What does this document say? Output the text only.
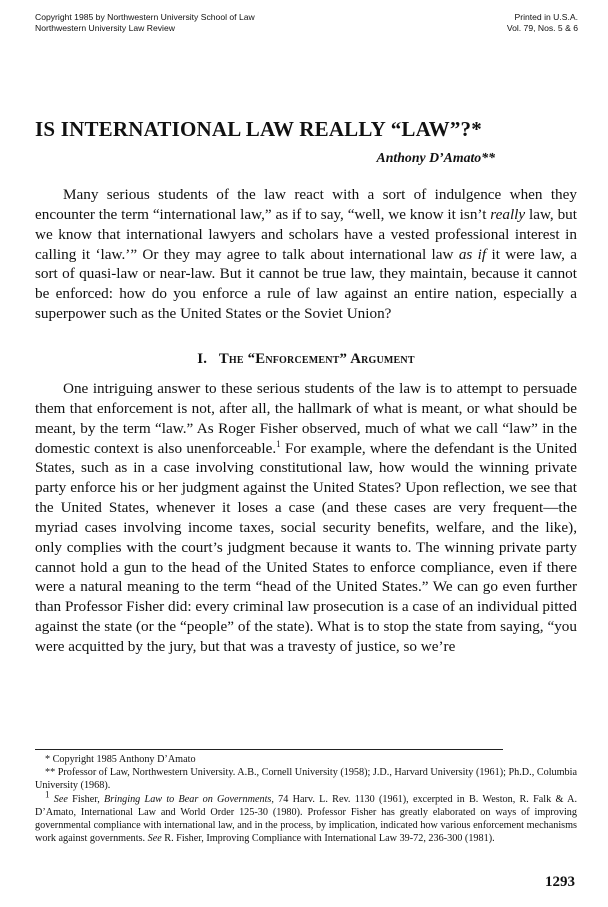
Copyright 1985 by Northwestern University School of Law
Northwestern University Law Review
Printed in U.S.A.
Vol. 79, Nos. 5 & 6
IS INTERNATIONAL LAW REALLY “LAW”?*
Anthony D’Amato**
Many serious students of the law react with a sort of indulgence when they encounter the term “international law,” as if to say, “well, we know it isn’t really law, but we know that international lawyers and scholars have a vested professional interest in calling it ‘law.’” Or they may agree to talk about international law as if it were law, a sort of quasi-law or near-law. But it cannot be true law, they maintain, because it cannot be enforced: how do you enforce a rule of law against an entire nation, especially a superpower such as the United States or the Soviet Union?
I. The “Enforcement” Argument
One intriguing answer to these serious students of the law is to attempt to persuade them that enforcement is not, after all, the hallmark of what is meant, or what should be meant, by the term “law.” As Roger Fisher observed, much of what we call “law” in the domestic context is also unenforceable.$^1$ For example, where the defendant is the United States, such as in a case involving constitutional law, how would the winning private party enforce his or her judgment against the United States? Upon reflection, we see that the United States, whenever it loses a case (and these cases are very frequent—the myriad cases involving income taxes, social security benefits, welfare, and the like), only complies with the court’s judgment because it wants to. The winning private party cannot hold a gun to the head of the United States to enforce compliance, even if there were a natural meaning to the term “head of the United States.” We can go even further than Professor Fisher did: every criminal law prosecution is a case of an individual pitted against the state (or the “people” of the state). What is to stop the state from saying, “you were acquitted by the jury, but that was a travesty of justice, so we’re

* Copyright 1985 Anthony D’Amato

** Professor of Law, Northwestern University. A.B., Cornell University (1958); J.D., Harvard University (1961); Ph.D., Columbia University (1968).

1 See Fisher, Bringing Law to Bear on Governments, 74 Harv. L. Rev. 1130 (1961), excerpted in B. Weston, R. Falk & A. D’Amato, International Law and World Order 125-30 (1980). Professor Fisher has greatly elaborated on ways of improving governmental compliance with international law, and in the process, by implication, indicated how various enforcement mechanisms work against governments. See R. Fisher, Improving Compliance with International Law 39-72, 236-300 (1981).

1293
